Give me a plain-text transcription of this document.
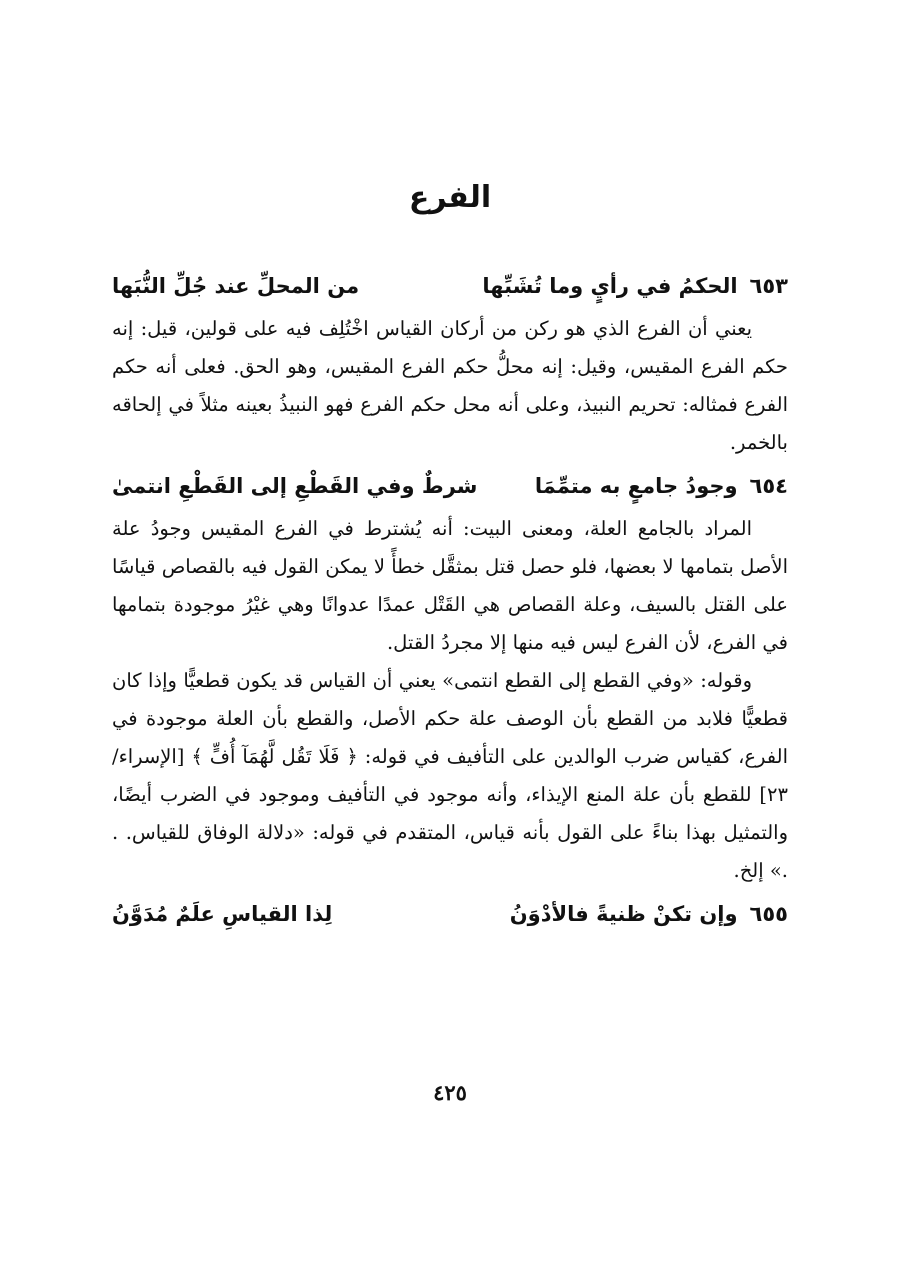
الفرع
٦٥٣
الحكمُ في رأيٍ وما تُشَبِّها
من المحلِّ عند جُلِّ النُّبَها

يعني أن الفرع الذي هو ركن من أركان القياس اخْتُلِف فيه على قولين، قيل: إنه حكم الفرع المقيس، وقيل: إنه محلُّ حكم الفرع المقيس، وهو الحق. فعلى أنه حكم الفرع فمثاله: تحريم النبيذ، وعلى أنه محل حكم الفرع فهو النبيذُ بعينه مثلاً في إلحاقه بالخمر.

٦٥٤
وجودُ جامعٍ به متمِّمَا
شرطٌ وفي القَطْعِ إلى القَطْعِ انتمىٰ

المراد بالجامع العلة، ومعنى البيت: أنه يُشترط في الفرع المقيس وجودُ علة الأصل بتمامها لا بعضها، فلو حصل قتل بمثقَّل خطأً لا يمكن القول فيه بالقصاص قياسًا على القتل بالسيف، وعلة القصاص هي القَتْل عمدًا عدوانًا وهي غيْرُ موجودة بتمامها في الفرع، لأن الفرع ليس فيه منها إلا مجردُ القتل.

وقوله: «وفي القطع إلى القطع انتمى» يعني أن القياس قد يكون قطعيًّا وإذا كان قطعيًّا فلابد من القطع بأن الوصف علة حكم الأصل، والقطع بأن العلة موجودة في الفرع، كقياس ضرب الوالدين على التأفيف في قوله: ﴿ فَلَا تَقُل لَّهُمَآ أُفٍّ ﴾ [الإسراء/ ٢٣] للقطع بأن علة المنع الإيذاء، وأنه موجود في التأفيف وموجود في الضرب أيضًا، والتمثيل بهذا بناءً على القول بأنه قياس، المتقدم في قوله: «دلالة الوفاق للقياس. . .» إلخ.

٦٥٥
وإن تكنْ ظنيةً فالأدْوَنُ
لِذا القياسِ علَمٌ مُدَوَّنُ
٤٢٥
